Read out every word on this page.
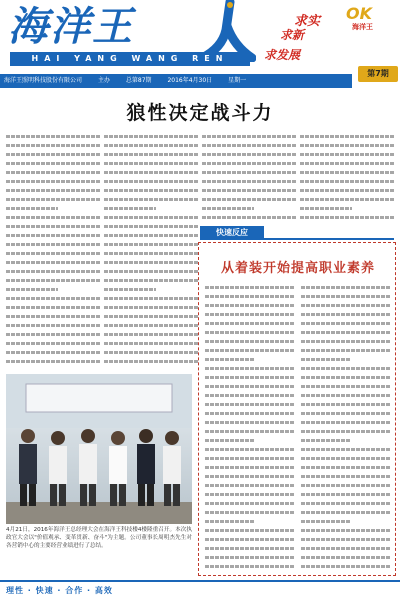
海洋王
HAI YANG WANG REN
求实
求新
求发展
OK
海洋王
第7期
海洋王照明科技股份有限公司	主办	总第87期	2016年4月30日	星期一
狼性决定战斗力
4月21日，2016年海洋王总经理大会在海洋王科技楼4楼隆重召开。本次执政官大会以"价值观承、变革贯新、奋斗"为主题。公司董事长周明杰先生对各营销中心的主要经营业绩进行了总结。
快速反应
从着装开始提高职业素养
理性 · 快速 · 合作 · 高效
